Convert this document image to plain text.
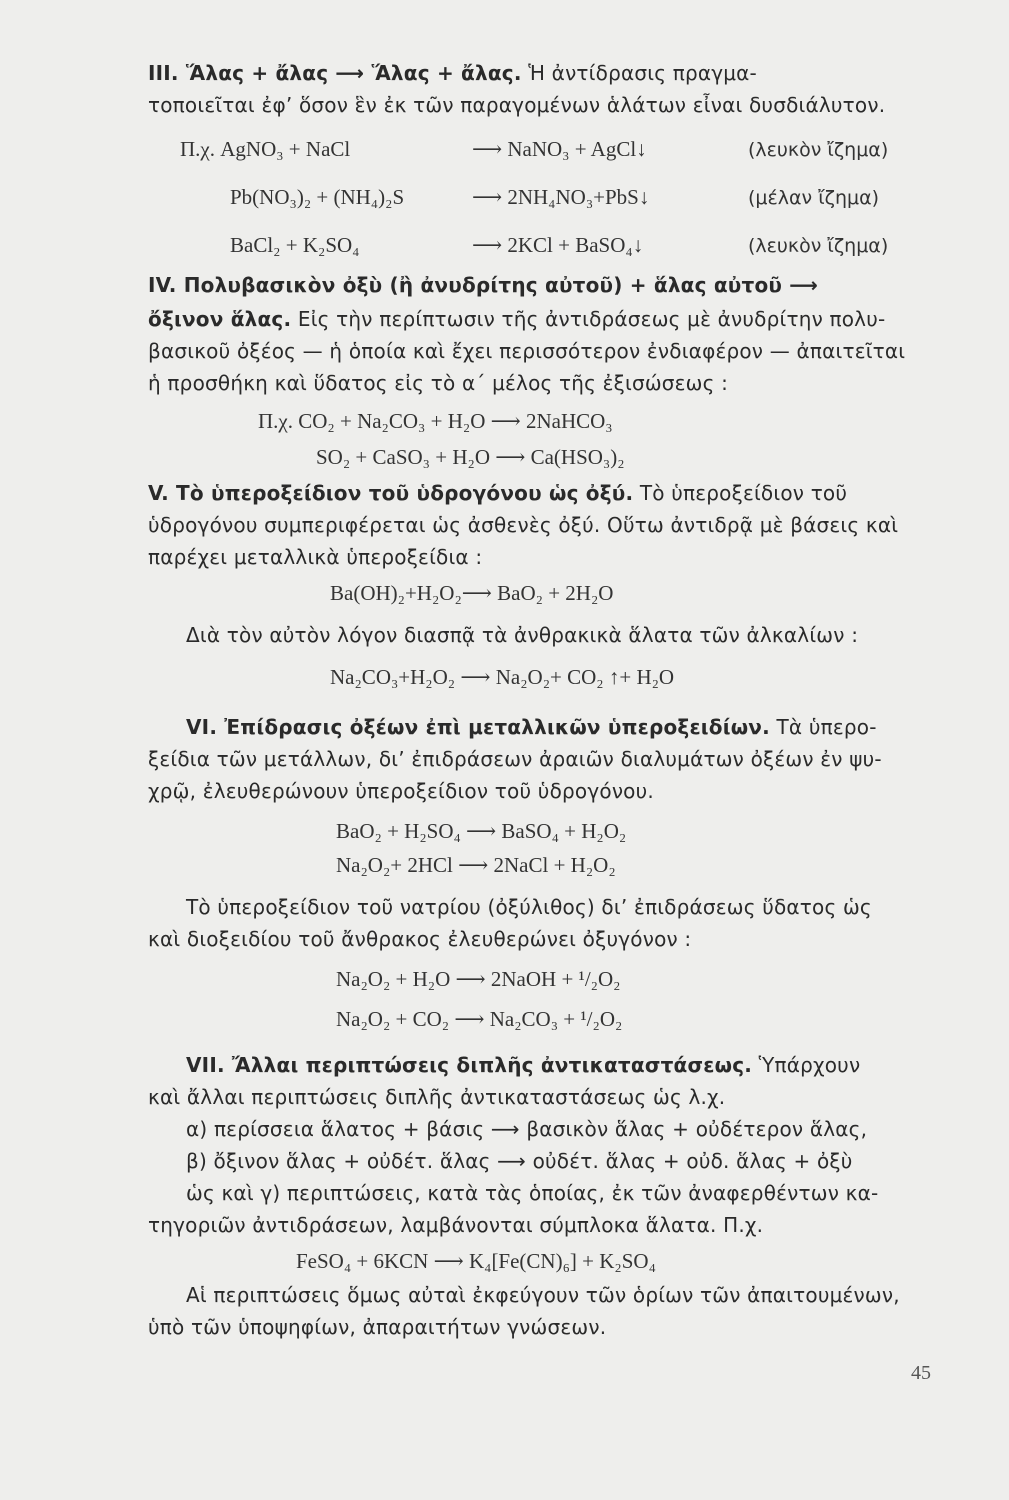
III. Ἅλας + ἄλας ⟶ Ἅλας + ἄλας. Ἡ ἀντίδρασις πραγμα-
τοποιεῖται ἐφ’ ὅσον ἓν ἐκ τῶν παραγομένων ἁλάτων εἶναι δυσδιάλυτον.
Π.χ. AgNO₃ + NaCl	⟶ NaNO₃ + AgCl↓	(λευκὸν ἴζημα)
Pb(NO₃)₂ + (NH₄)₂S	⟶ 2NH₄NO₃+PbS↓	(μέλαν ἴζημα)
BaCl₂ + K₂SO₄	⟶ 2KCl + BaSO₄↓	(λευκὸν ἴζημα)
IV. Πολυβασικὸν ὀξὺ (ἢ ἀνυδρίτης αὐτοῦ) + ἅλας αὐτοῦ ⟶
ὄξινον ἅλας. Εἰς τὴν περίπτωσιν τῆς ἀντιδράσεως μὲ ἀνυδρίτην πολυ-
βασικοῦ ὀξέος — ἡ ὁποία καὶ ἔχει περισσότερον ἐνδιαφέρον — ἀπαιτεῖται
ἡ προσθήκη καὶ ὕδατος εἰς τὸ α΄ μέλος τῆς ἐξισώσεως :
Π.χ. CO₂ + Na₂CO₃ + H₂O ⟶ 2NaHCO₃
SO₂ + CaSO₃ + H₂O ⟶ Ca(HSO₃)₂
V. Τὸ ὑπεροξείδιον τοῦ ὑδρογόνου ὡς ὀξύ. Τὸ ὑπεροξείδιον τοῦ
ὑδρογόνου συμπεριφέρεται ὡς ἀσθενὲς ὀξύ. Οὕτω ἀντιδρᾷ μὲ βάσεις καὶ
παρέχει μεταλλικὰ ὑπεροξείδια :
Ba(OH)₂+H₂O₂⟶ BaO₂ + 2H₂O
Διὰ τὸν αὐτὸν λόγον διασπᾷ τὰ ἀνθρακικὰ ἅλατα τῶν ἀλκαλίων :
Na₂CO₃+H₂O₂ ⟶ Na₂O₂+ CO₂ ↑+ H₂O
VI. Ἐπίδρασις ὀξέων ἐπὶ μεταλλικῶν ὑπεροξειδίων. Τὰ ὑπερο-
ξείδια τῶν μετάλλων, δι’ ἐπιδράσεων ἀραιῶν διαλυμάτων ὀξέων ἐν ψυ-
χρῷ, ἐλευθερώνουν ὑπεροξείδιον τοῦ ὑδρογόνου.
BaO₂ + H₂SO₄ ⟶ BaSO₄ + H₂O₂
Na₂O₂+ 2HCl ⟶ 2NaCl + H₂O₂
Τὸ ὑπεροξείδιον τοῦ νατρίου (ὀξύλιθος) δι’ ἐπιδράσεως ὕδατος ὡς
καὶ διοξειδίου τοῦ ἄνθρακος ἐλευθερώνει ὀξυγόνον :
Na₂O₂ + H₂O ⟶ 2NaOH + ¹/₂O₂
Na₂O₂ + CO₂ ⟶ Na₂CO₃ + ¹/₂O₂
VII. Ἄλλαι περιπτώσεις διπλῆς ἀντικαταστάσεως. Ὑπάρχουν
καὶ ἄλλαι περιπτώσεις διπλῆς ἀντικαταστάσεως ὡς λ.χ.
α) περίσσεια ἅλατος + βάσις ⟶ βασικὸν ἅλας + οὐδέτερον ἅλας,
β) ὄξινον ἅλας + οὐδέτ. ἅλας ⟶ οὐδέτ. ἅλας + οὐδ. ἅλας + ὀξὺ
ὡς καὶ γ) περιπτώσεις, κατὰ τὰς ὁποίας, ἐκ τῶν ἀναφερθέντων κα-
τηγοριῶν ἀντιδράσεων, λαμβάνονται σύμπλοκα ἅλατα. Π.χ.
FeSO₄ + 6KCN ⟶ K₄[Fe(CN)₆] + K₂SO₄
Αἱ περιπτώσεις ὅμως αὐταὶ ἐκφεύγουν τῶν ὁρίων τῶν ἀπαιτουμένων,
ὑπὸ τῶν ὑποψηφίων, ἀπαραιτήτων γνώσεων.
45
